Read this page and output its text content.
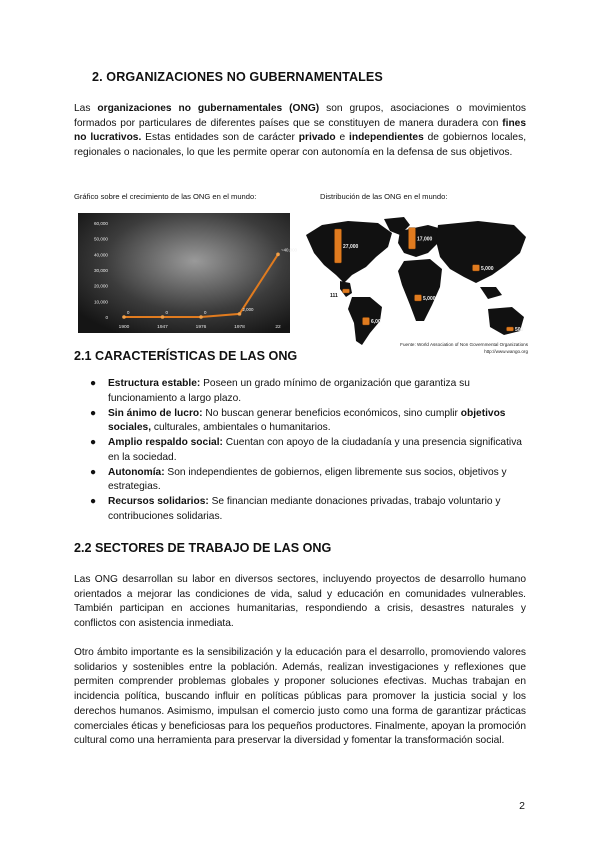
2. ORGANIZACIONES NO GUBERNAMENTALES

Las organizaciones no gubernamentales (ONG) son grupos, asociaciones o movimientos formados por particulares de diferentes países que se constituyen de manera duradera con fines no lucrativos. Estas entidades son de carácter privado e independientes de gobiernos locales, regionales o nacionales, lo que les permite operar con autonomía en la defensa de sus objetivos.

Gráfico sobre el crecimiento de las ONG en el mundo:	Distribución de las ONG en el mundo:
0
10,000
20,000
30,000
40,000
50,000
60,000
1900	1947	1976	1978	22
0	0	0
2,000
~40,000	27,000
111
6,00
17,000
5,000
5,000
500
Fuente: World Association of Non Governmental Organizations
http://www.wango.org
2.1 CARACTERÍSTICAS DE LAS ONG
● Estructura estable: Poseen un grado mínimo de organización que garantiza su funcionamiento a largo plazo.
● Sin ánimo de lucro: No buscan generar beneficios económicos, sino cumplir objetivos sociales, culturales, ambientales o humanitarios.
● Amplio respaldo social: Cuentan con apoyo de la ciudadanía y una presencia significativa en la sociedad.
● Autonomía: Son independientes de gobiernos, eligen libremente sus socios, objetivos y estrategias.
● Recursos solidarios: Se financian mediante donaciones privadas, trabajo voluntario y contribuciones solidarias.
2.2 SECTORES DE TRABAJO DE LAS ONG

Las ONG desarrollan su labor en diversos sectores, incluyendo proyectos de desarrollo humano orientados a mejorar las condiciones de vida, salud y educación en comunidades vulnerables. También participan en acciones humanitarias, respondiendo a crisis, desastres naturales y conflictos con asistencia inmediata.

Otro ámbito importante es la sensibilización y la educación para el desarrollo, promoviendo valores solidarios y sostenibles entre la población. Además, realizan investigaciones y reflexiones que permiten comprender problemas globales y proponer soluciones efectivas. Muchas trabajan en incidencia política, buscando influir en políticas públicas para promover la justicia social y los derechos humanos. Asimismo, impulsan el comercio justo como una forma de garantizar prácticas comerciales éticas y beneficiosas para los pequeños productores. Finalmente, apoyan la promoción cultural como una herramienta para preservar la diversidad y fomentar la transformación social.

2
